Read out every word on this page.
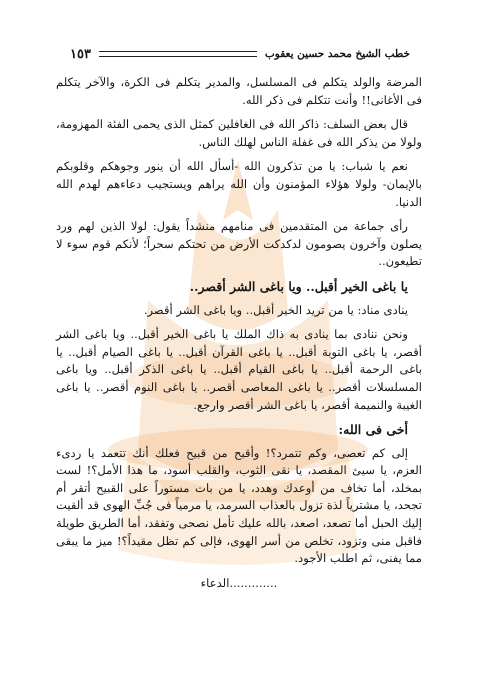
خطب الشيخ محمد حسين يعقوب
١٥٣

المرضة والولد يتكلم فى المسلسل، والمدير يتكلم فى الكرة، والآخر يتكلم فى الأغانى!! وأنت تتكلم فى ذكر الله.

قال بعض السلف: ذاكر الله فى الغافلين كمثل الذى يحمى الفئة المهزومة، ولولا من يذكر الله فى غفلة الناس لهلك الناس.

نعم يا شباب: يا من تذكرون الله -أسأل الله أن ينور وجوهكم وقلوبكم بالإيمان- ولولا هؤلاء المؤمنون وأن الله يراهم ويستجيب دعاءهم لهدم الله الدنيا.

رأى جماعة من المتقدمين فى منامهم منشداً يقول: لولا الذين لهم ورد يصلون وآخرون يصومون لدكدكت الأرض من تحتكم سحراً؛ لأنكم قوم سوء لا تطيعون..

يا باغى الخير أقبل.. ويا باغى الشر أقصر..

ينادى مناد: يا من تريد الخير أقبل.. ويا باغى الشر أقصر.

ونحن ننادى بما ينادى به ذاك الملك يا باغى الخير أقبل.. ويا باغى الشر أقصر، يا باغى التوبة أقبل.. يا باغى القرآن أقبل.. يا باغى الصيام أقبل.. يا باغى الرحمة أقبل.. يا باغى القيام أقبل.. يا باغى الذكر أقبل.. ويا باغى المسلسلات أقصر.. يا باغى المعاصى أقصر.. يا باغى النوم أقصر.. يا باغى الغيبة والنميمة أقصر، يا باغى الشر أقصر وارجع.

أخى فى الله:

إلى كم تعصى، وكم تتمرد؟! وأقبح من قبيح فعلك أنك تتعمد يا ردىء العزم، يا سيئ المقصد، يا نقى الثوب، والقلب أسود، ما هذا الأمل؟! لست بمخلد، أما تخاف من أوعدك وهدد، يا من بات مستوراً على القبيح أتقر أم تجحد، يا مشترياً لذة تزول بالعذاب السرمد، يا مرمياً فى جُبِّ الهوى قد ألقيت إليك الحبل أما تصعد، اصعد، بالله عليك تأمل نصحى وتفقد، أما الطريق طويلة فاقبل منى وتزود، تخلص من أسر الهوى، فإلى كم تظل مقيداً؟! ميز ما يبقى مما يفنى، ثم اطلب الأجود.

.............الدعاء
